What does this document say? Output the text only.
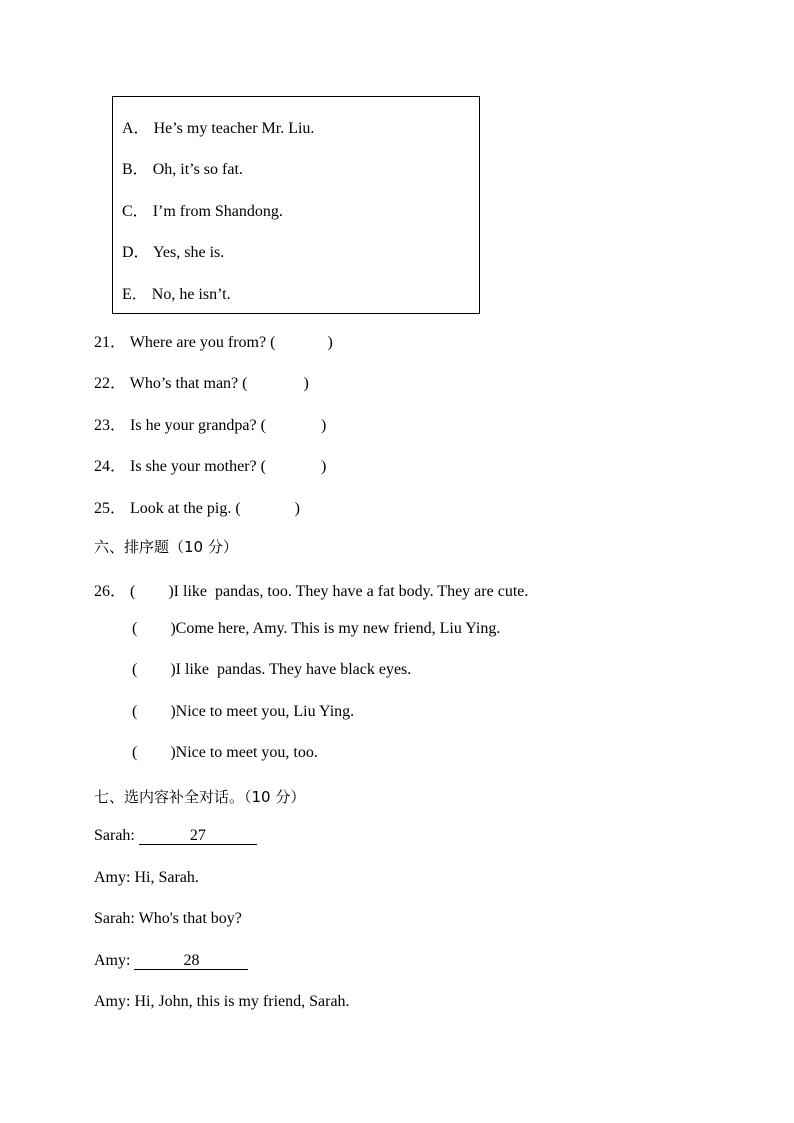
A． He’s my teacher Mr. Liu.
B． Oh, it’s so fat.
C． I’m from Shandong.
D． Yes, she is.
E． No, he isn’t.
21． Where are you from? (	)
22． Who’s that man? (	)
23． Is he your grandpa? (	)
24． Is she your mother? (	)
25． Look at the pig. (	)
六、排序题（10 分）
26． ( )I like  pandas, too. They have a fat body. They are cute.
( )Come here, Amy. This is my new friend, Liu Ying.
( )I like  pandas. They have black eyes.
( )Nice to meet you, Liu Ying.
( )Nice to meet you, too.
七、选内容补全对话。（10 分）
Sarah:	27
Amy: Hi, Sarah.
Sarah: Who's that boy?
Amy:	28
Amy: Hi, John, this is my friend, Sarah.
